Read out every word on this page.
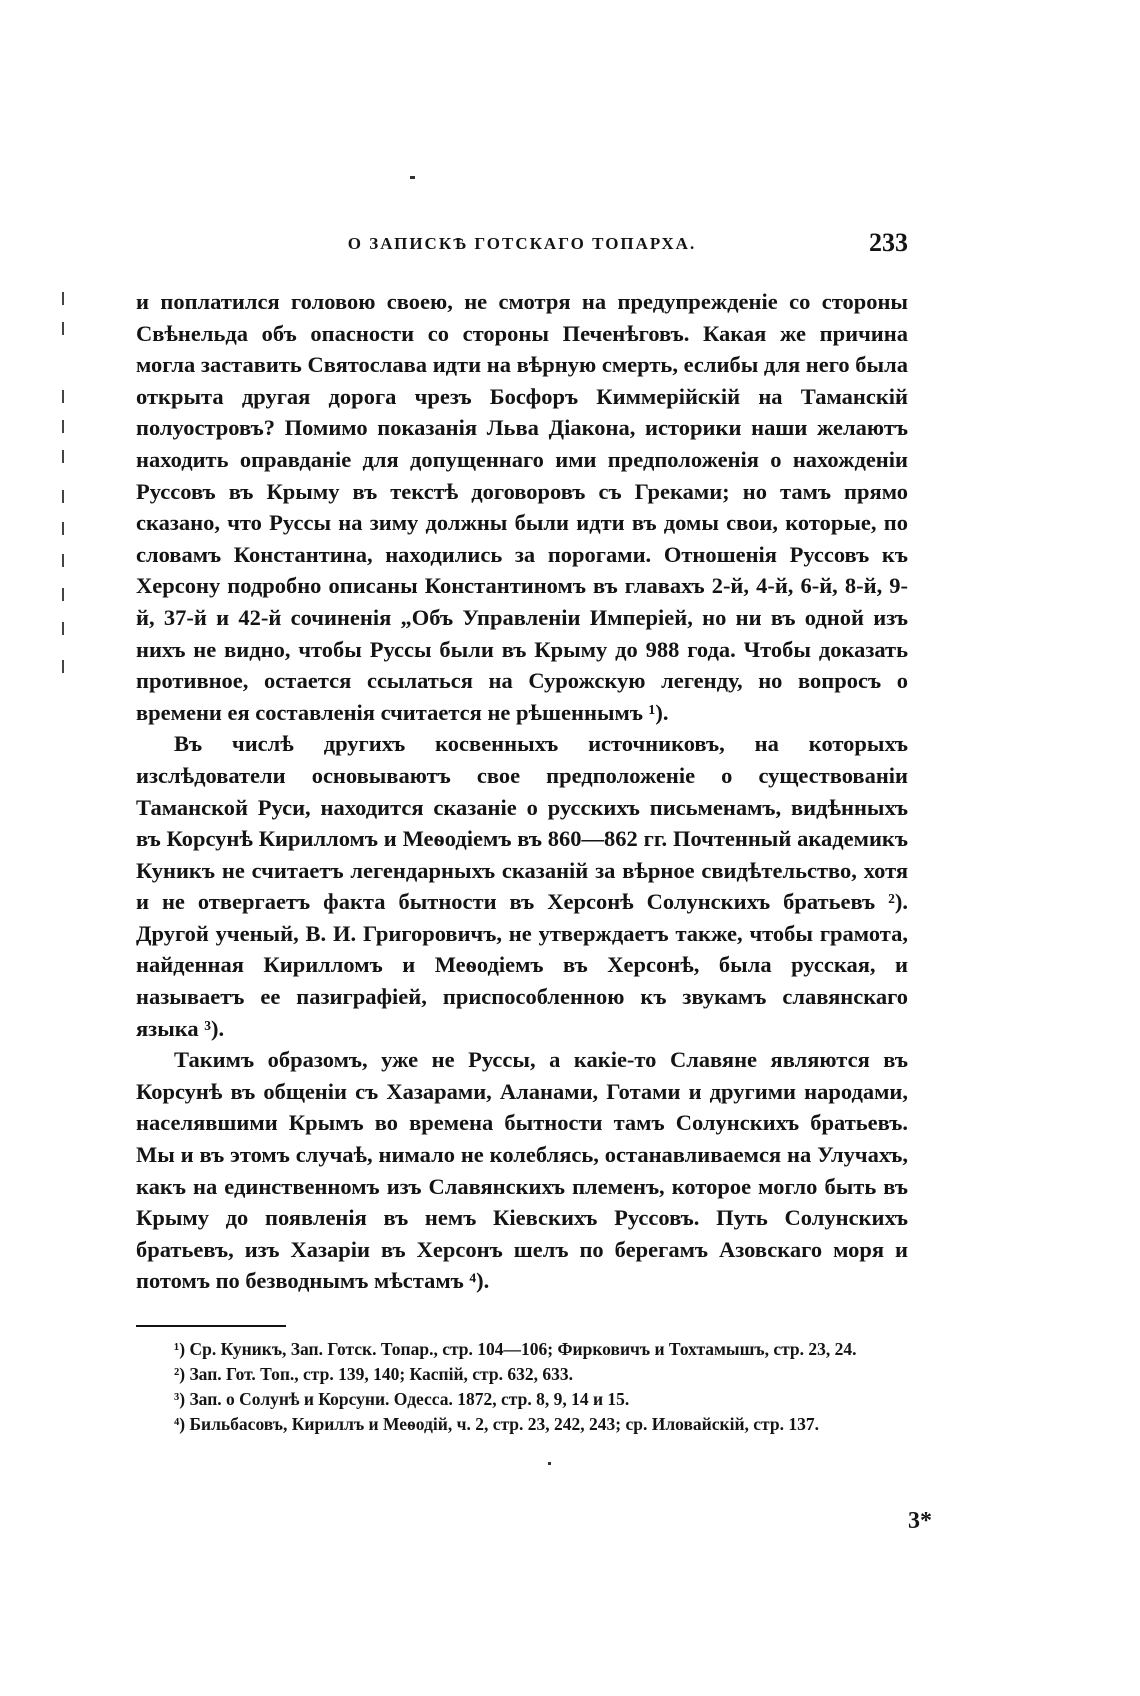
О ЗАПИСКѢ ГОТСКАГО ТОПАРХА.	233

и поплатился головою своею, не смотря на предупрежденіе со стороны Свѣнельда объ опасности со стороны Печенѣговъ. Какая же причина могла заставить Святослава идти на вѣрную смерть, еслибы для него была открыта другая дорога чрезъ Босфоръ Киммерійскій на Таманскій полуостровъ? Помимо показанія Льва Діакона, историки наши желаютъ находить оправданіе для допущеннаго ими предположенія о нахожденіи Руссовъ въ Крыму въ текстѣ договоровъ съ Греками; но тамъ прямо сказано, что Руссы на зиму должны были идти въ домы свои, которые, по словамъ Константина, находились за порогами. Отношенія Руссовъ къ Херсону подробно описаны Константиномъ въ главахъ 2-й, 4-й, 6-й, 8-й, 9-й, 37-й и 42-й сочиненія „Объ Управленіи Имперіей, но ни въ одной изъ нихъ не видно, чтобы Руссы были въ Крыму до 988 года. Чтобы доказать противное, остается ссылаться на Сурожскую легенду, но вопросъ о времени ея составленія считается не рѣшеннымъ ¹).

Въ числѣ другихъ косвенныхъ источниковъ, на которыхъ изслѣдователи основываютъ свое предположеніе о существованіи Таманской Руси, находится сказаніе о русскихъ письменамъ, видѣнныхъ въ Корсунѣ Кирилломъ и Меѳодіемъ въ 860—862 гг. Почтенный академикъ Куникъ не считаетъ легендарныхъ сказаній за вѣрное свидѣтельство, хотя и не отвергаетъ факта бытности въ Херсонѣ Солунскихъ братьевъ ²). Другой ученый, В. И. Григоровичъ, не утверждаетъ также, чтобы грамота, найденная Кирилломъ и Меѳодіемъ въ Херсонѣ, была русская, и называетъ ее пазиграфіей, приспособленною къ звукамъ славянскаго языка ³).

Такимъ образомъ, уже не Руссы, а какіе-то Славяне являются въ Корсунѣ въ общеніи съ Хазарами, Аланами, Готами и другими народами, населявшими Крымъ во времена бытности тамъ Солунскихъ братьевъ. Мы и въ этомъ случаѣ, нимало не колеблясь, останавливаемся на Улучахъ, какъ на единственномъ изъ Славянскихъ племенъ, которое могло быть въ Крыму до появленія въ немъ Кіевскихъ Руссовъ. Путь Солунскихъ братьевъ, изъ Хазаріи въ Херсонъ шелъ по берегамъ Азовскаго моря и потомъ по безводнымъ мѣстамъ ⁴).

¹) Ср. Куникъ, Зап. Готск. Топар., стр. 104—106; Фирковичъ и Тохтамышъ, стр. 23, 24.

²) Зап. Гот. Топ., стр. 139, 140; Каспій, стр. 632, 633.

³) Зап. о Солунѣ и Корсуни. Одесса. 1872, стр. 8, 9, 14 и 15.

⁴) Бильбасовъ, Кириллъ и Меѳодій, ч. 2, стр. 23, 242, 243; ср. Иловайскій, стр. 137.

3*
